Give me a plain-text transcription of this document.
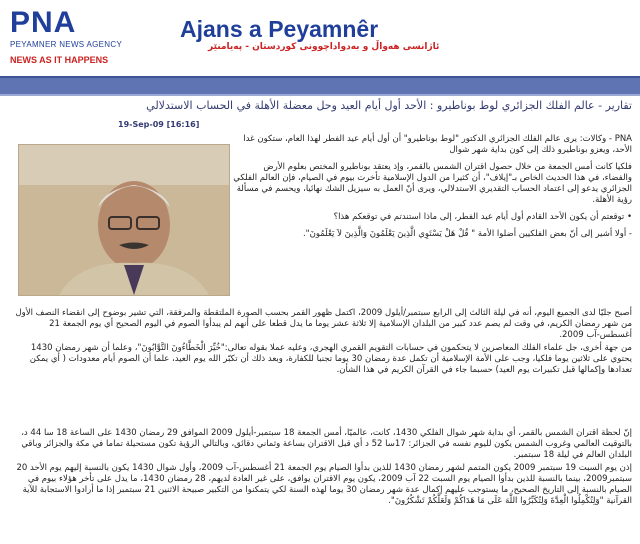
PNA
PEYAMNER NEWS AGENCY
NEWS AS IT HAPPENS
Ajans a Peyamnêr
ئاژانسی هەواڵ و بەدواداچوونی کوردستان - پەیامنێر
تقارير - عالم الفلك الجزائري لوط بوناطيرو : الأحد أول أيام العيد وحل معضلة الأهلة في الحساب الاستدلالي
19-Sep-09 [16:16]

PNA - وكالات: يرى عالم الفلك الجزائري الدكتور "لوط بوناطيرو" أن أول أيام عيد الفطر لهذا العام، ستكون غدا الأحد، ويعزو بوناطيرو ذلك إلى كون بداية شهر شوال

فلكيا كانت أمس الجمعة من خلال حصول اقتران الشمس بالقمر، وإذ يعتقد بوناطيرو المختص بعلوم الأرض والفضاء، في هذا الحديث الخاص بـ"إيلاف"، أن كثيرا من الدول الإسلامية تأخرت بيوم في الصيام، فإن العالم الفلكي الجزائري يدعو إلى اعتماد الحساب التقديري الاستدلالي، ويرى أنّ العمل به سيزيل الشك نهائيا، ويحسم في مسألة رؤية الأهلة.

• توقعتم أن يكون الأحد القادم أول أيام عيد الفطر، إلى ماذا استندتم في توقعكم هذا؟

- أولا أشير إلى أنّ بعض الفلكيين أضلوا الأمة " قُلْ هَلْ يَسْتَوِي الَّذِينَ يَعْلَمُونَ وَالَّذِينَ لاَ يَعْلَمُونَ".

أصبح جليّا لدى الجميع اليوم، أنه في ليلة الثالث إلى الرابع سبتمبر/أيلول 2009، اكتمل ظهور القمر بحسب الصورة الملتقطة والمرفقة، التي تشير بوضوح إلى انقضاء النصف الأول من شهر رمضان الكريم، في وقت لم يصم عدد كبير من البلدان الإسلامية إلا ثلاثة عشر يوما ما يدل قطعا على أنهم لم يبدأوا الصوم في اليوم الصحيح أي يوم الجمعة 21 أغسطس-آب 2009.

من جهة أخرى، جل علماء الفلك المعاصرين لا يتحكمون في حسابات التقويم القمري الهجري، وعليه عملا بقوله تعالى:"خُيِّرَ الْخَطَّاءُونَ التَّوَّابُونَ"، وعلما أن شهر رمضان 1430 يحتوي على ثلاثين يوما فلكيا، وجب على الأمة الإسلامية أن تكمل عدة رمضان 30 يوما تجنبا للكفارة، وبعد ذلك أن تكبّر الله يوم العيد، علما أن الصوم أيام معدودات ( أي يمكن تعدادها وإكمالها قبل تكبيرات يوم العيد) حسبما جاء في القرآن الكريم في هذا الشأن.

إنّ لحظة اقتران الشمس بالقمر، أي بداية شهر شوال الفلكي 1430، كانت، عالميّا، أمس الجمعة 18 سبتمبر-أيلول 2009 الموافق 29 رمضان 1430 على الساعة 18 سا 44 د، بالتوقيت العالمي وغروب الشمس يكون لليوم نفسه في الجزائر: 17سا 52 د أي قبل الاقتران بساعة وثماني دقائق، وبالتالي الرؤية تكون مستحيلة تماما في مكة والجزائر وباقي البلدان العالم في ليلة 18 سبتمبر.

إذن يوم السبت 19 سبتمبر 2009 يكون المتمم لشهر رمضان 1430 للذين بدأوا الصيام يوم الجمعة 21 أغسطس-آب 2009، وأول شوال 1430 يكون بالنسبة إليهم يوم الأحد 20 سبتمبر2009، بينما بالنسبة للذين بدأوا الصيام يوم السبت 22 آب 2009، يكون يوم الاقتران يوافق، على غير العادة لديهم، 28 رمضان 1430، ما يدل على تأخر هؤلاء بيوم في الصيام بالنسبة إلى التاريخ الصحيح، ما يستوجب عليهم إكمال عدة شهر رمضان 30 يوما لهذه السنة لكي يتمكنوا من التكبير صبيحة الاثنين 21 سبتمبر إذا ما أرادوا الاستجابة للآية القرآنية "وَلِتُكْمِلُوا الْعِدَّةَ وَلِتُكَبِّرُوا اللَّهَ عَلَى مَا هَدَاكُمْ وَلَعَلَّكُمْ تَشْكُرُونَ".
